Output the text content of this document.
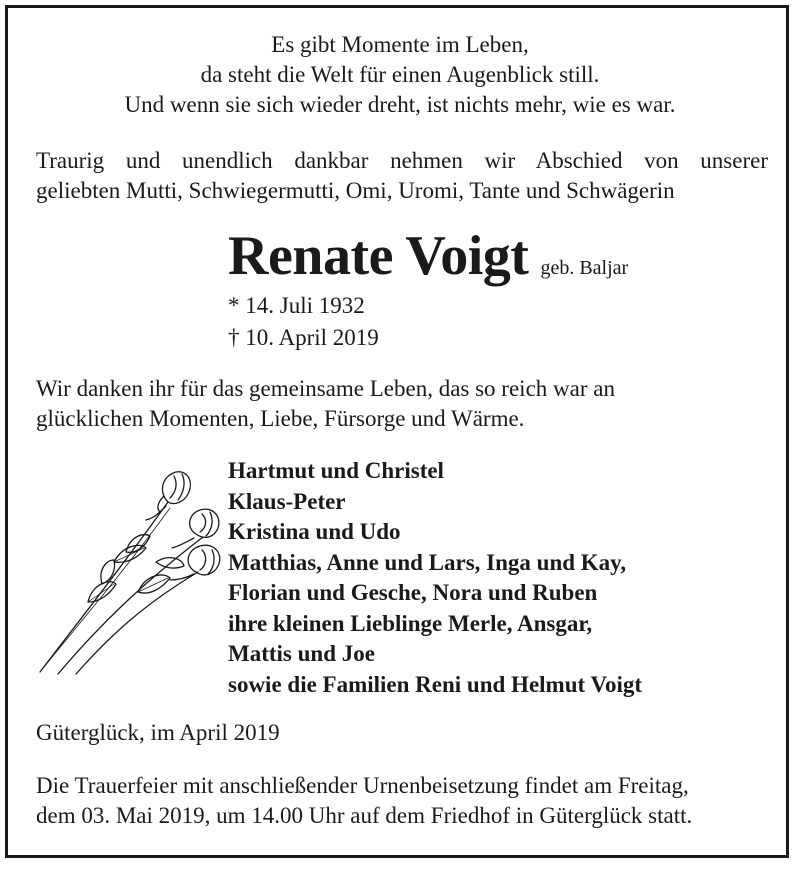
Es gibt Momente im Leben,
da steht die Welt für einen Augenblick still.
Und wenn sie sich wieder dreht, ist nichts mehr, wie es war.
Traurig und unendlich dankbar nehmen wir Abschied von unserer
geliebten Mutti, Schwiegermutti, Omi, Uromi, Tante und Schwägerin
Renate Voigt geb. Baljar
* 14. Juli 1932
† 10. April 2019
Wir danken ihr für das gemeinsame Leben, das so reich war an
glücklichen Momenten, Liebe, Fürsorge und Wärme.
Hartmut und Christel
Klaus-Peter
Kristina und Udo
Matthias, Anne und Lars, Inga und Kay,
Florian und Gesche, Nora und Ruben
ihre kleinen Lieblinge Merle, Ansgar,
Mattis und Joe
sowie die Familien Reni und Helmut Voigt
Güterglück, im April 2019
Die Trauerfeier mit anschließender Urnenbeisetzung findet am Freitag,
dem 03. Mai 2019, um 14.00 Uhr auf dem Friedhof in Güterglück statt.
